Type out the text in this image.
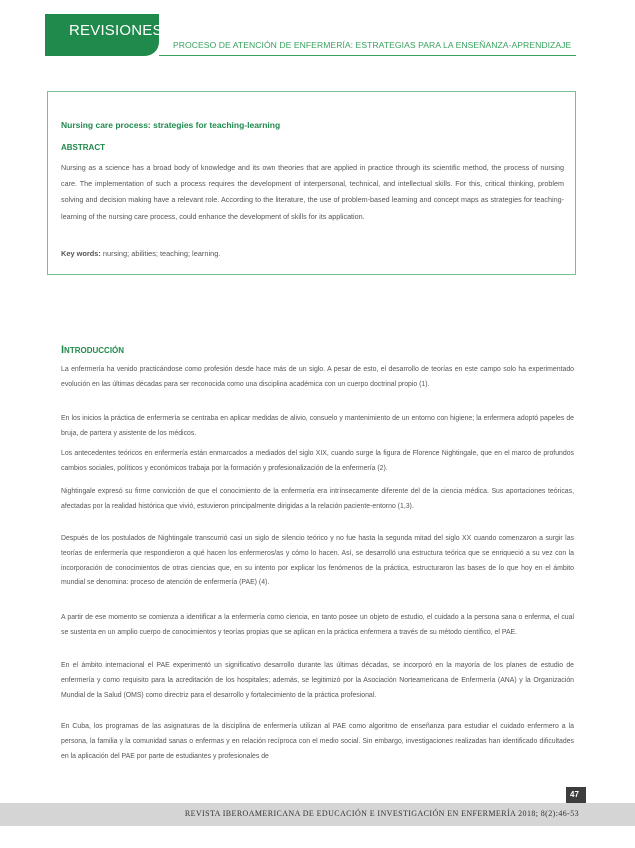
REVISIONES
PROCESO DE ATENCIÓN DE ENFERMERÍA: ESTRATEGIAS PARA LA ENSEÑANZA-APRENDIZAJE
Nursing care process: strategies for teaching-learning
ABSTRACT
Nursing as a science has a broad body of knowledge and its own theories that are applied in practice through its scientific method, the process of nursing care. The implementation of such a process requires the development of interpersonal, technical, and intellectual skills. For this, critical thinking, problem solving and decision making have a relevant role. According to the literature, the use of problem-based learning and concept maps as strategies for teaching-learning of the nursing care process, could enhance the development of skills for its application.
Key words: nursing; abilities; teaching; learning.
Introducción

La enfermería ha venido practicándose como profesión desde hace más de un siglo. A pesar de esto, el desarrollo de teorías en este campo solo ha experimentado evolución en las últimas décadas para ser reconocida como una disciplina académica con un cuerpo doctrinal propio (1).

En los inicios la práctica de enfermería se centraba en aplicar medidas de alivio, consuelo y mantenimiento de un entorno con higiene; la enfermera adoptó papeles de bruja, de partera y asistente de los médicos.

Los antecedentes teóricos en enfermería están enmarcados a mediados del siglo XIX, cuando surge la figura de Florence Nightingale, que en el marco de profundos cambios sociales, políticos y económicos trabaja por la formación y profesionalización de la enfermería (2).

Nightingale expresó su firme convicción de que el conocimiento de la enfermería era intrínsecamente diferente del de la ciencia médica. Sus aportaciones teóricas, afectadas por la realidad histórica que vivió, estuvieron principalmente dirigidas a la relación paciente-entorno (1,3).

Después de los postulados de Nightingale transcurrió casi un siglo de silencio teórico y no fue hasta la segunda mitad del siglo XX cuando comenzaron a surgir las teorías de enfermería que respondieron a qué hacen los enfermeros/as y cómo lo hacen. Así, se desarrolló una estructura teórica que se enriqueció a su vez con la incorporación de conocimientos de otras ciencias que, en su intento por explicar los fenómenos de la práctica, estructuraron las bases de lo que hoy en el ámbito mundial se denomina: proceso de atención de enfermería (PAE) (4).

A partir de ese momento se comienza a identificar a la enfermería como ciencia, en tanto posee un objeto de estudio, el cuidado a la persona sana o enferma, el cual se sustenta en un amplio cuerpo de conocimientos y teorías propias que se aplican en la práctica enfermera a través de su método científico, el PAE.

En el ámbito internacional el PAE experimentó un significativo desarrollo durante las últimas décadas, se incorporó en la mayoría de los planes de estudio de enfermería y como requisito para la acreditación de los hospitales; además, se legitimizó por la Asociación Norteamericana de Enfermería (ANA) y la Organización Mundial de la Salud (OMS) como directriz para el desarrollo y fortalecimiento de la práctica profesional.

En Cuba, los programas de las asignaturas de la disciplina de enfermería utilizan al PAE como algoritmo de enseñanza para estudiar el cuidado enfermero a la persona, la familia y la comunidad sanas o enfermas y en relación recíproca con el medio social. Sin embargo, investigaciones realizadas han identificado dificultades en la aplicación del PAE por parte de estudiantes y profesionales de

47
REVISTA IBEROAMERICANA DE EDUCACIÓN E INVESTIGACIÓN EN ENFERMERÍA 2018; 8(2):46-53
